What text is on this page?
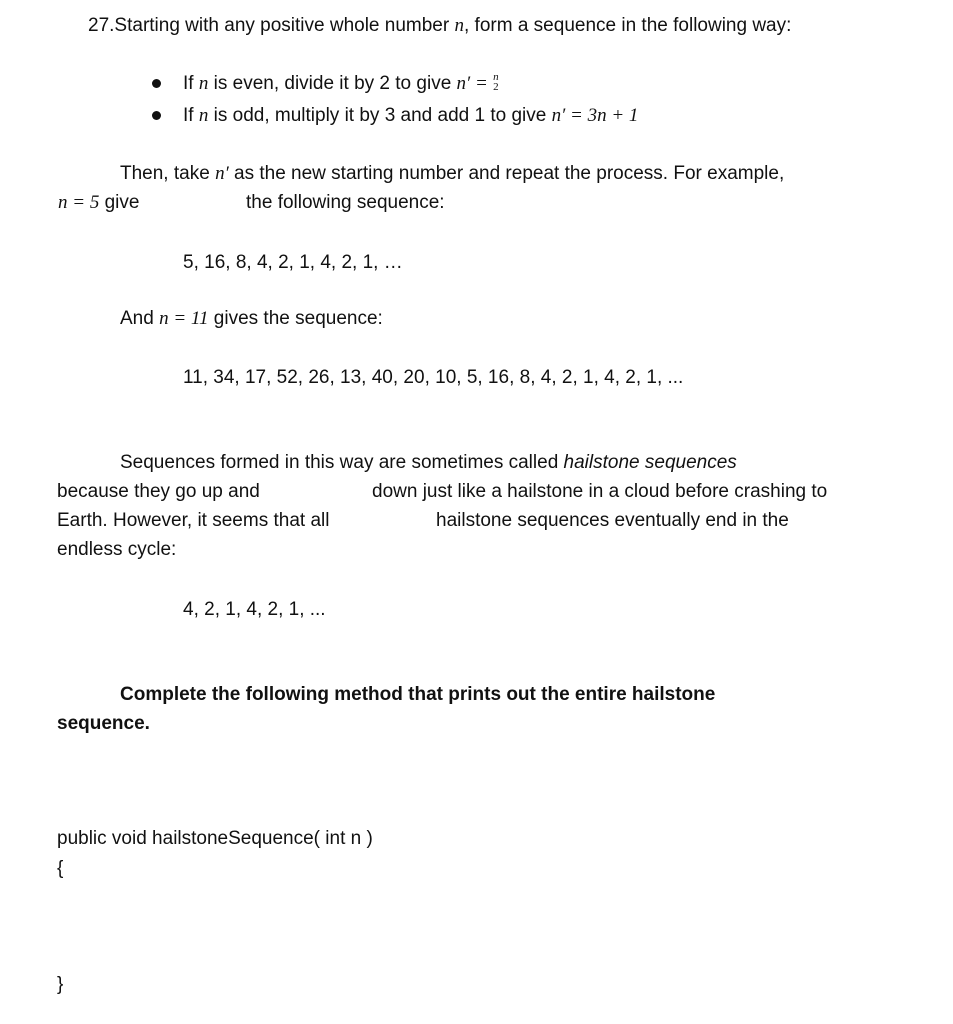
27.Starting with any positive whole number n, form a sequence in the following way:
If n is even, divide it by 2 to give n′ = n
2
If n is odd, multiply it by 3 and add 1 to give n′ = 3n + 1
Then, take n′ as the new starting number and repeat the process. For example,
n = 5 give	the following sequence:
5, 16, 8, 4, 2, 1, 4, 2, 1, …
And n = 11 gives the sequence:
11, 34, 17, 52, 26, 13, 40, 20, 10, 5, 16, 8, 4, 2, 1, 4, 2, 1, ...
Sequences formed in this way are sometimes called hailstone sequences
because they go up and	down just like a hailstone in a cloud before crashing to
Earth. However, it seems that all	hailstone sequences eventually end in the
endless cycle:
4, 2, 1, 4, 2, 1, ...
Complete the following method that prints out the entire hailstone
sequence.
public void hailstoneSequence( int n )
{
}
